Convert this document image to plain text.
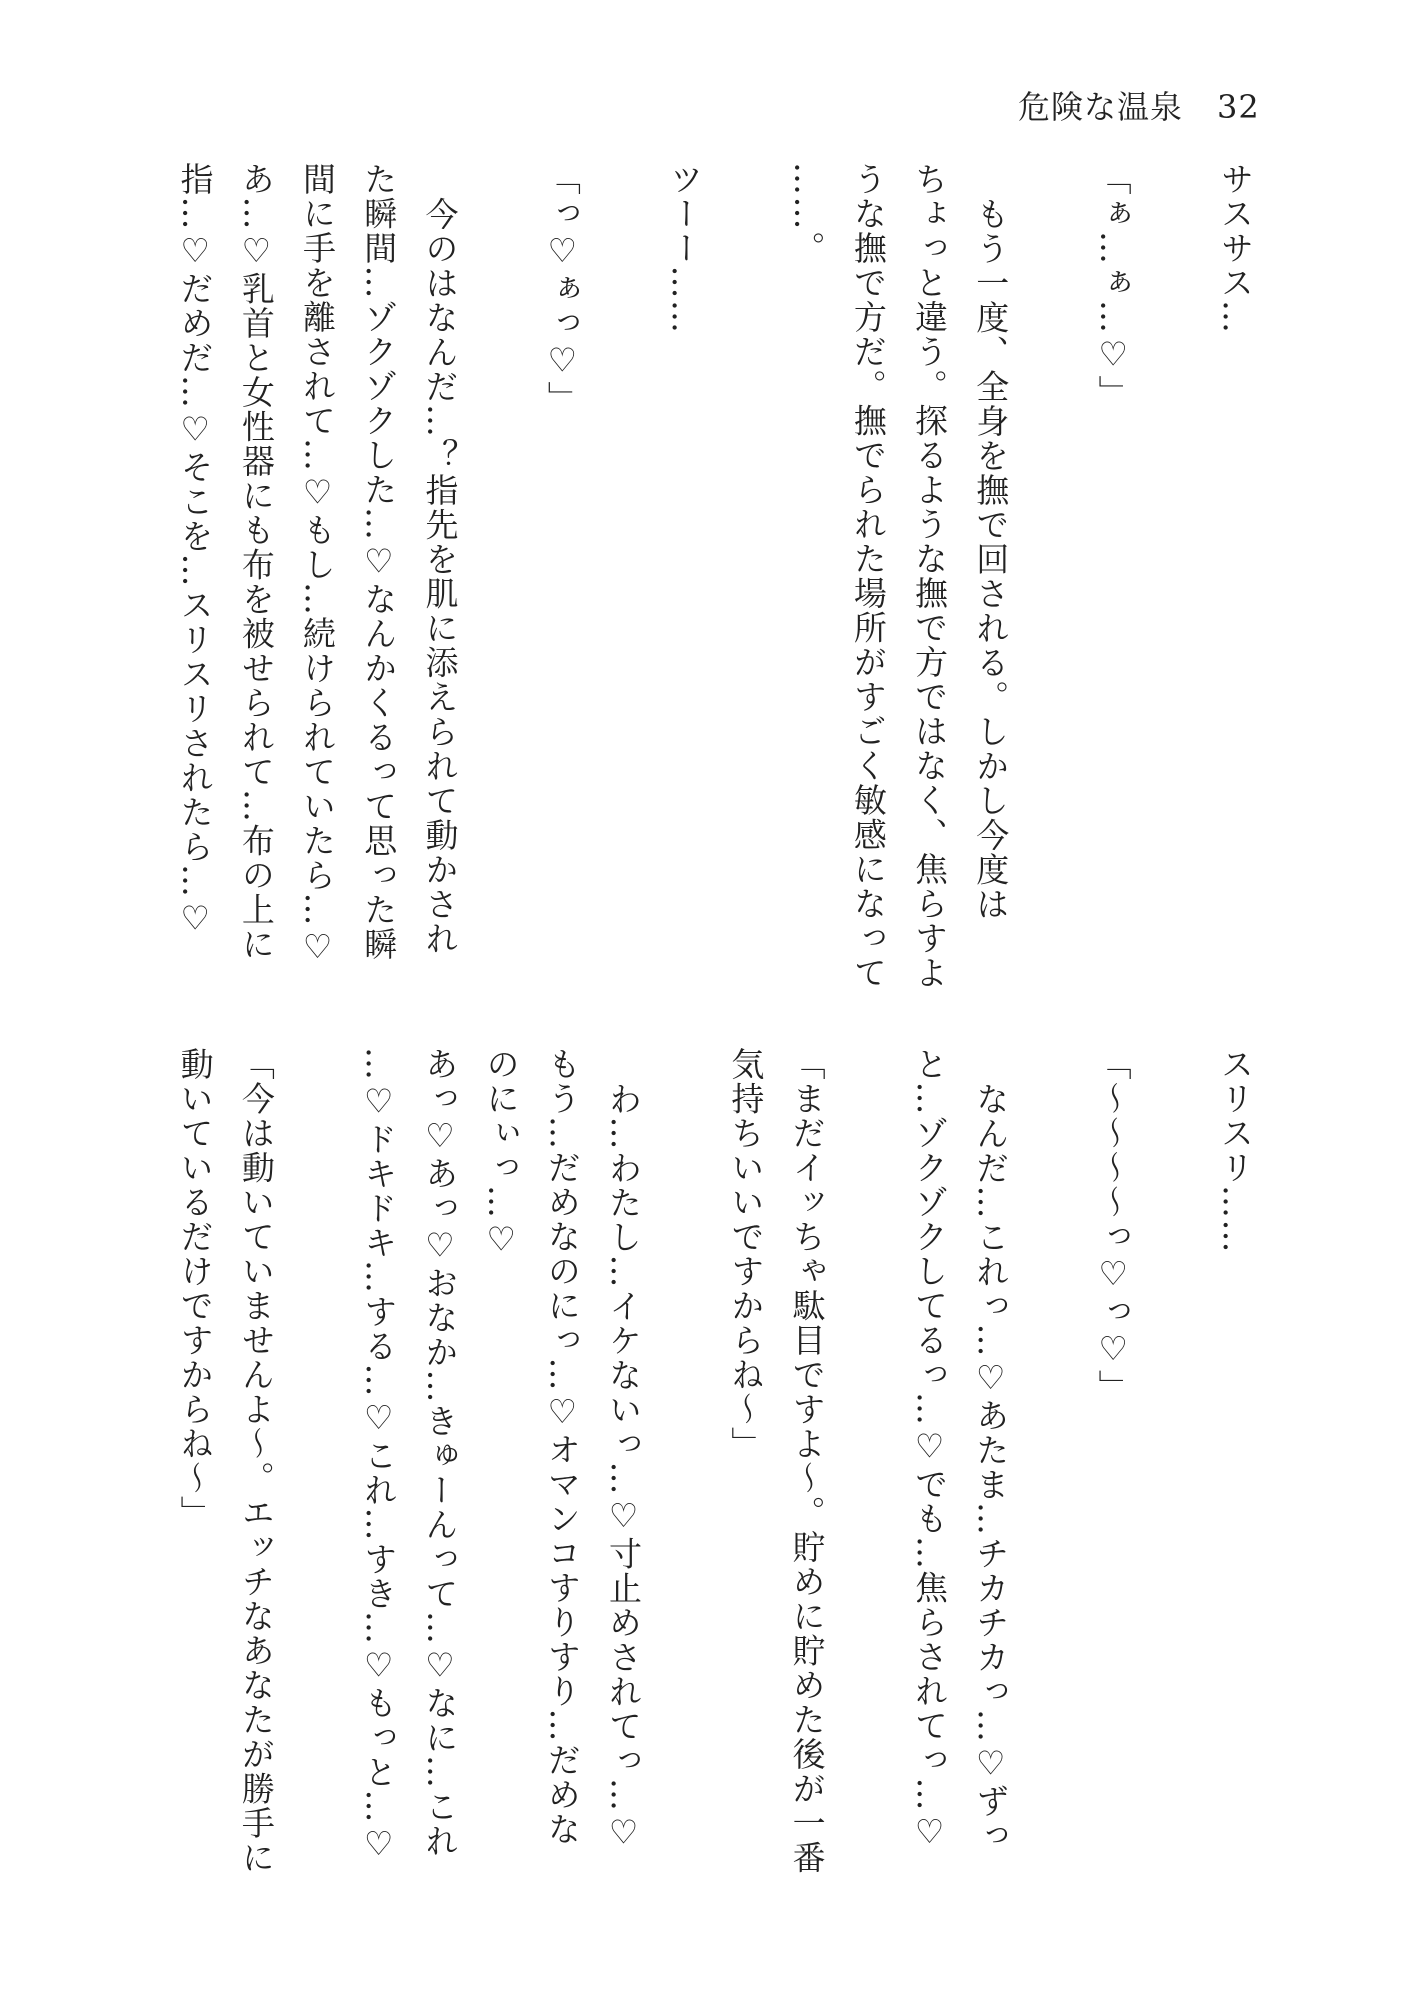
危険な温泉 32
サスサス…
「ぁ…ぁ…♡」
もう一度、全身を撫で回される。しかし今度は
ちょっと違う。探るような撫で方ではなく、焦らすよ
うな撫で方だ。撫でられた場所がすごく敏感になって
……。
ツーー……
「っ♡ぁっ♡」
今のはなんだ…？指先を肌に添えられて動かされ
た瞬間…ゾクゾクした…♡なんかくるって思った瞬
間に手を離されて…♡もし…続けられていたら…♡
あ…♡乳首と女性器にも布を被せられて…布の上に
指…♡だめだ…♡そこを…スリスリされたら…♡
スリスリ……
「〜〜〜〜っ♡っ♡」
なんだ…これっ…♡あたま…チカチカっ…♡ずっ
と…ゾクゾクしてるっ…♡でも…焦らされてっ…♡
「まだイッちゃ駄目ですよ〜。貯めに貯めた後が一番
気持ちいいですからね〜」
わ…わたし…イケないっ…♡寸止めされてっ…♡
もう…だめなのにっ…♡オマンコすりすり…だめな
のにぃっ…♡
あっ♡あっ♡おなか…きゅーんって…♡なに…これ
…♡ドキドキ…する…♡これ…すき…♡もっと…♡
「今は動いていませんよ〜。エッチなあなたが勝手に
動いているだけですからね〜」
